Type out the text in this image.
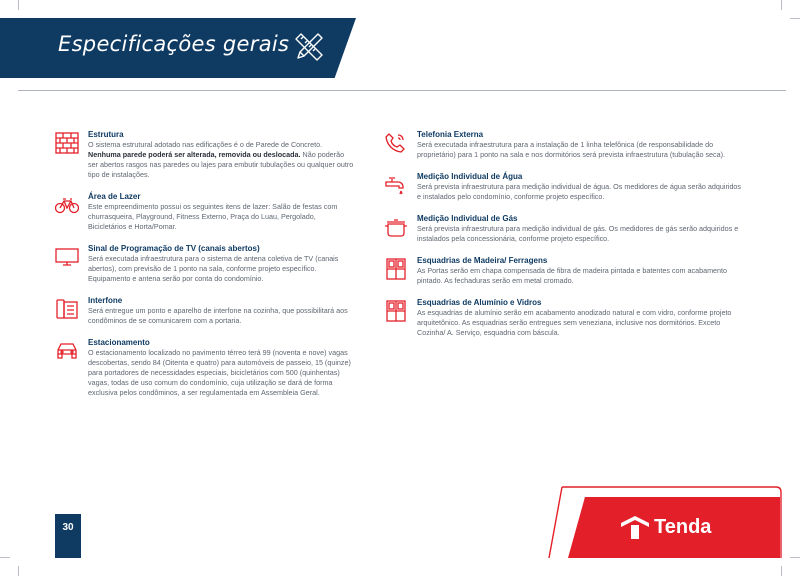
Especificações gerais
Estrutura

O sistema estrutural adotado nas edificações é o de Parede de Concreto. Nenhuma parede poderá ser alterada, removida ou deslocada. Não poderão ser abertos rasgos nas paredes ou lajes para embutir tubulações ou qualquer outro tipo de instalações.

Área de Lazer

Este empreendimento possui os seguintes itens de lazer: Salão de festas com churrasqueira, Playground, Fitness Externo, Praça do Luau, Pergolado, Bicicletários e Horta/Pomar.

Sinal de Programação de TV (canais abertos)

Será executada infraestrutura para o sistema de antena coletiva de TV (canais abertos), com previsão de 1 ponto na sala, conforme projeto específico. Equipamento e antena serão por conta do condomínio.

Interfone

Será entregue um ponto e aparelho de interfone na cozinha, que possibilitará aos condôminos de se comunicarem com a portaria.

Estacionamento

O estacionamento localizado no pavimento térreo terá 99 (noventa e nove) vagas descobertas, sendo 84 (Oitenta e quatro) para automóveis de passeio, 15 (quinze) para portadores de necessidades especiais, bicicletários com 500 (quinhentas) vagas, todas de uso comum do condomínio, cuja utilização se dará de forma exclusiva pelos condôminos, a ser regulamentada em Assembleia Geral.

Telefonia Externa

Será executada infraestrutura para a instalação de 1 linha telefônica (de responsabilidade do proprietário) para 1 ponto na sala e nos dormitórios será prevista infraestrutura (tubulação seca).

Medição Individual de Água

Será prevista infraestrutura para medição individual de água. Os medidores de água serão adquiridos e instalados pelo condomínio, conforme projeto específico.

Medição Individual de Gás

Será prevista infraestrutura para medição individual de gás. Os medidores de gás serão adquiridos e instalados pela concessionária, conforme projeto específico.

Esquadrias de Madeira/ Ferragens

As Portas serão em chapa compensada de fibra de madeira pintada e batentes com acabamento pintado. As fechaduras serão em metal cromado.

Esquadrias de Alumínio e Vidros

As esquadrias de alumínio serão em acabamento anodizado natural e com vidro, conforme projeto arquitetônico. As esquadrias serão entregues sem veneziana, inclusive nos dormitórios. Exceto Cozinha/ A. Serviço, esquadria com báscula.

30	Tenda
